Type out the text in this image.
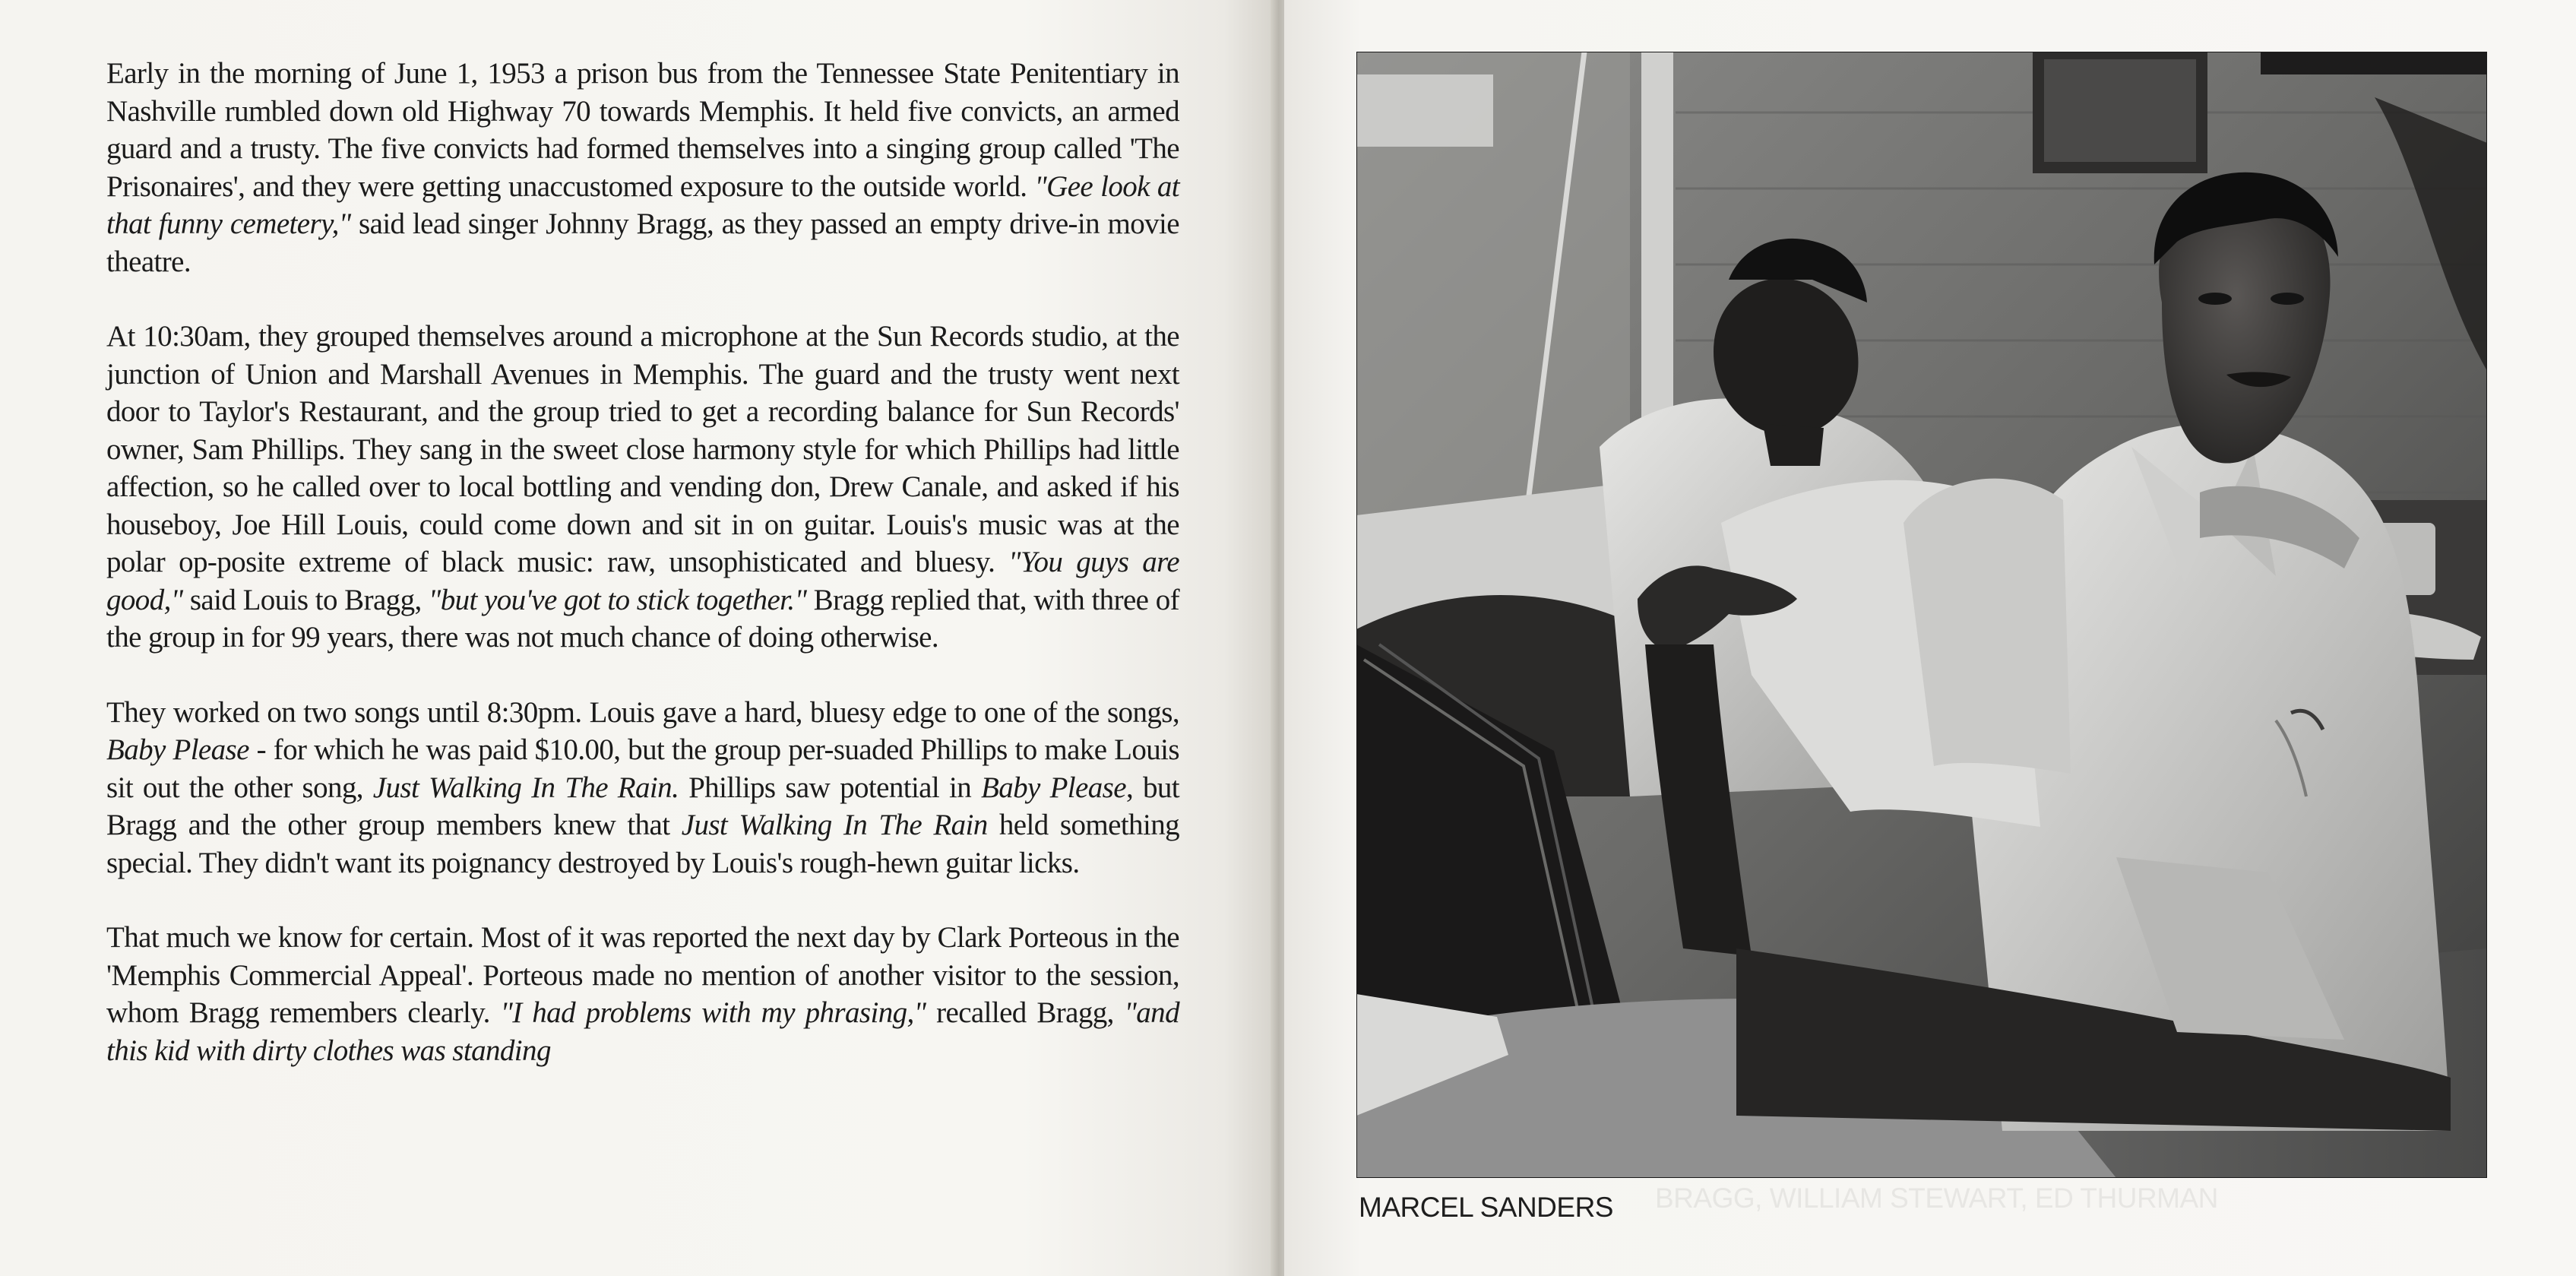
Early in the morning of June 1, 1953 a prison bus from the Tennessee State Penitentiary in Nashville rumbled down old Highway 70 towards Memphis. It held five convicts, an armed guard and a trusty. The five convicts had formed themselves into a singing group called 'The Prisonaires', and they were getting unaccustomed exposure to the outside world. "Gee look at that funny cemetery," said lead singer Johnny Bragg, as they passed an empty drive-in movie theatre.

At 10:30am, they grouped themselves around a microphone at the Sun Records studio, at the junction of Union and Marshall Avenues in Memphis. The guard and the trusty went next door to Taylor's Restaurant, and the group tried to get a recording balance for Sun Records' owner, Sam Phillips. They sang in the sweet close harmony style for which Phillips had little affection, so he called over to local bottling and vending don, Drew Canale, and asked if his houseboy, Joe Hill Louis, could come down and sit in on guitar. Louis's music was at the polar op-posite extreme of black music: raw, unsophisticated and bluesy. "You guys are good," said Louis to Bragg, "but you've got to stick together." Bragg replied that, with three of the group in for 99 years, there was not much chance of doing otherwise.

They worked on two songs until 8:30pm. Louis gave a hard, bluesy edge to one of the songs, Baby Please - for which he was paid $10.00, but the group per-suaded Phillips to make Louis sit out the other song, Just Walking In The Rain. Phillips saw potential in Baby Please, but Bragg and the other group members knew that Just Walking In The Rain held something special. They didn't want its poignancy destroyed by Louis's rough-hewn guitar licks.

That much we know for certain. Most of it was reported the next day by Clark Porteous in the 'Memphis Commercial Appeal'. Porteous made no mention of another visitor to the session, whom Bragg remembers clearly. "I had problems with my phrasing," recalled Bragg, "and this kid with dirty clothes was standing

BRAGG, WILLIAM STEWART, ED THURMAN
MARCEL SANDERS
